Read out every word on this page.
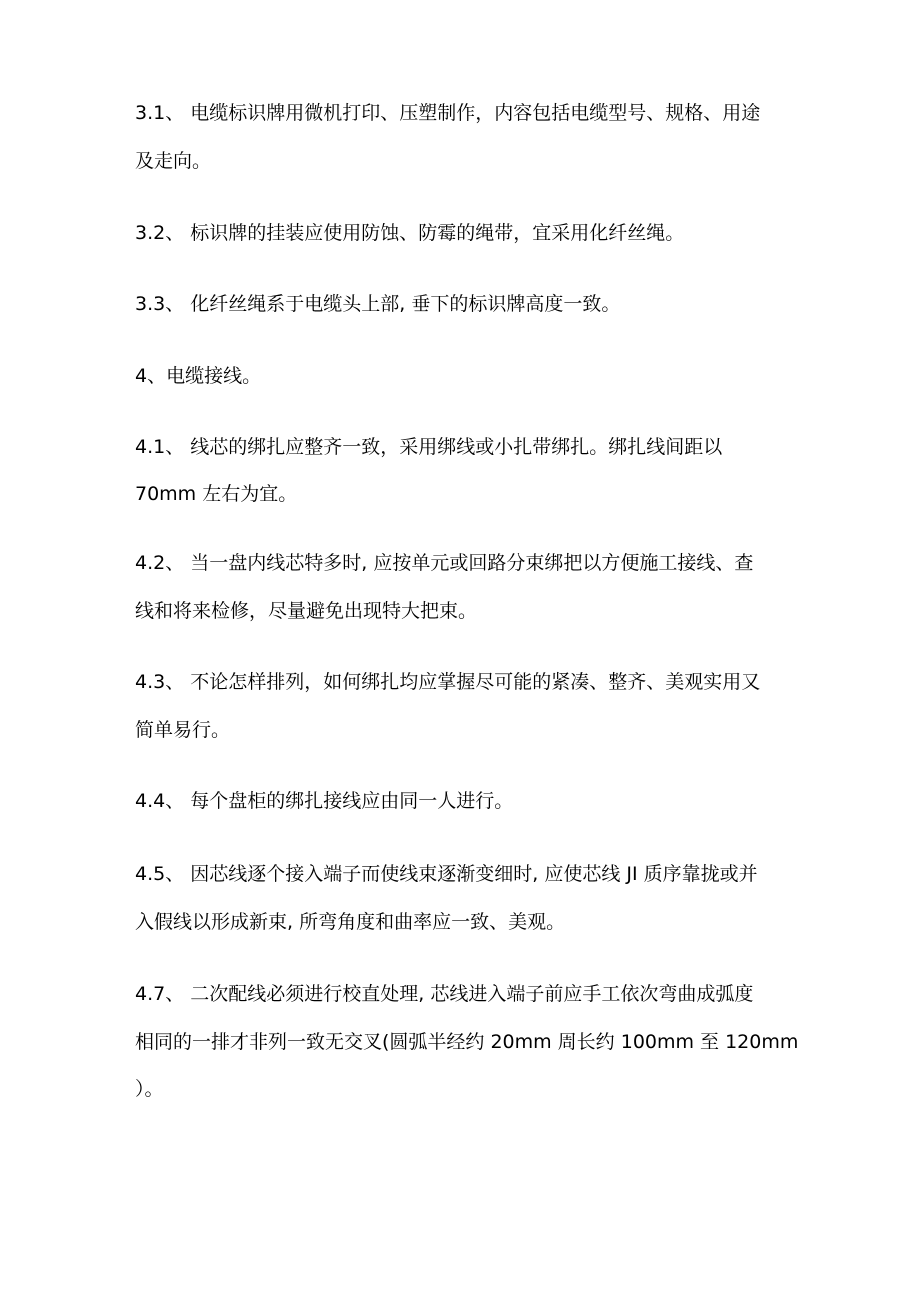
3.1、 电缆标识牌用微机打印、压塑制作，内容包括电缆型号、规格、用途
及走向。
3.2、 标识牌的挂装应使用防蚀、防霉的绳带，宜采用化纤丝绳。
3.3、 化纤丝绳系于电缆头上部, 垂下的标识牌高度一致。
4、电缆接线。
4.1、 线芯的绑扎应整齐一致，采用绑线或小扎带绑扎。绑扎线间距以
70mm 左右为宜。
4.2、 当一盘内线芯特多时, 应按单元或回路分束绑把以方便施工接线、查
线和将来检修，尽量避免出现特大把束。
4.3、 不论怎样排列，如何绑扎均应掌握尽可能的紧凑、整齐、美观实用又
简单易行。
4.4、 每个盘柜的绑扎接线应由同一人进行。
4.5、 因芯线逐个接入端子而使线束逐渐变细时, 应使芯线 JI 质序靠拢或并
入假线以形成新束, 所弯角度和曲率应一致、美观。
4.7、 二次配线必须进行校直处理, 芯线进入端子前应手工依次弯曲成弧度
相同的一排才非列一致无交叉(圆弧半经约 20mm 周长约 100mm 至 120mm
）。
